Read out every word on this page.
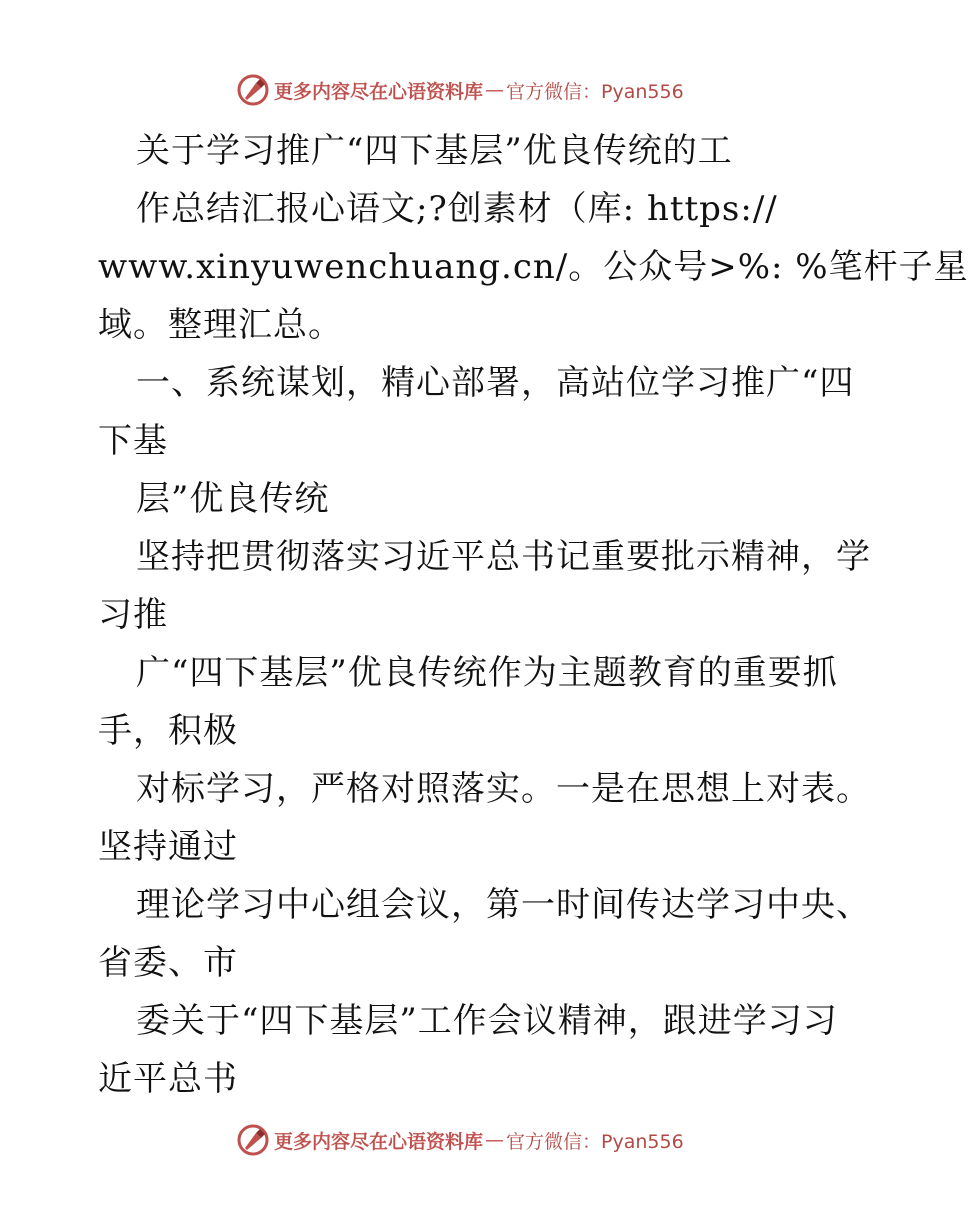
更多内容尽在心语资料库 — 官方微信：Pyan556
关于学习推广“四下基层”优良传统的工
作总结汇报心语文;?创素材（库: https://
www.xinyuwenchuang.cn/。公众号>%: %笔杆子星
域。整理汇总。
一、系统谋划，精心部署，高站位学习推广“四
下基
层”优良传统
坚持把贯彻落实习近平总书记重要批示精神，学
习推
广“四下基层”优良传统作为主题教育的重要抓
手，积极
对标学习，严格对照落实。一是在思想上对表。
坚持通过
理论学习中心组会议，第一时间传达学习中央、
省委、市
委关于“四下基层”工作会议精神，跟进学习习
近平总书
更多内容尽在心语资料库 — 官方微信：Pyan556
